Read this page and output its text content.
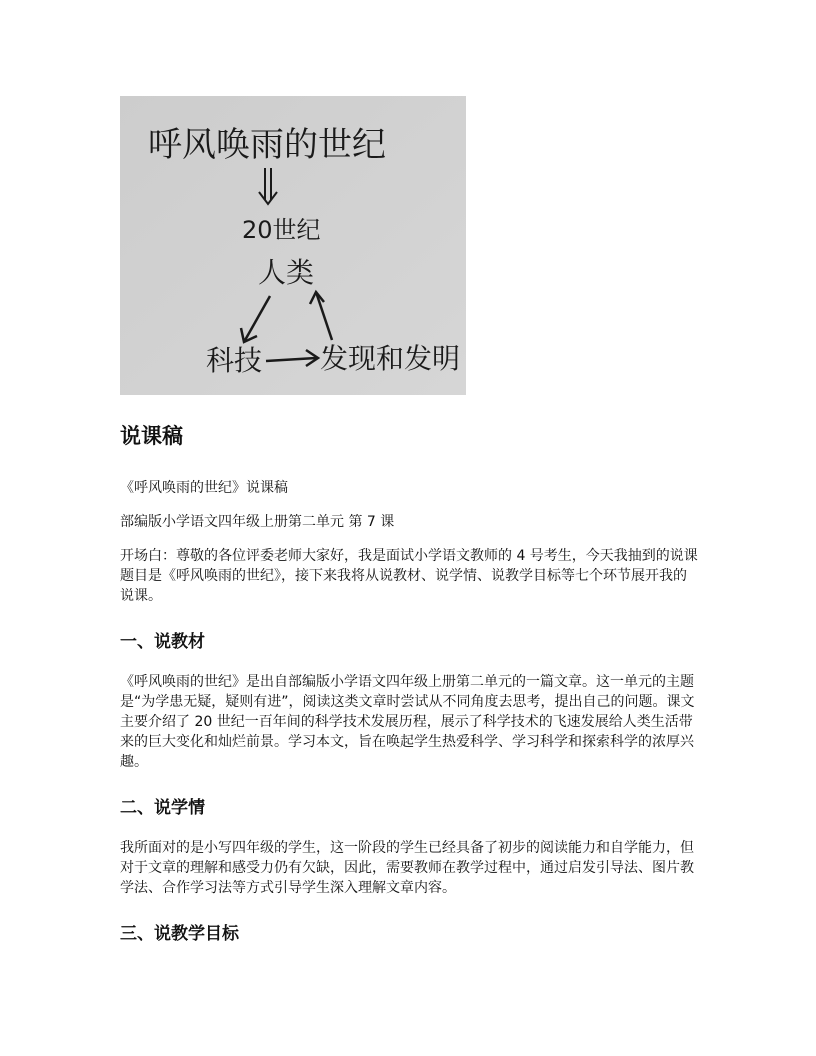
呼风唤雨的世纪
20世纪
人类
科技 发现和发明
说课稿

《呼风唤雨的世纪》说课稿

部编版小学语文四年级上册第二单元 第 7 课

开场白：尊敬的各位评委老师大家好，我是面试小学语文教师的 4 号考生，今天我抽到的说课题目是《呼风唤雨的世纪》，接下来我将从说教材、说学情、说教学目标等七个环节展开我的说课。

一、说教材

《呼风唤雨的世纪》是出自部编版小学语文四年级上册第二单元的一篇文章。这一单元的主题是“为学患无疑，疑则有进”，阅读这类文章时尝试从不同角度去思考，提出自己的问题。课文主要介绍了 20 世纪一百年间的科学技术发展历程，展示了科学技术的飞速发展给人类生活带来的巨大变化和灿烂前景。学习本文，旨在唤起学生热爱科学、学习科学和探索科学的浓厚兴趣。

二、说学情

我所面对的是小写四年级的学生，这一阶段的学生已经具备了初步的阅读能力和自学能力，但对于文章的理解和感受力仍有欠缺，因此，需要教师在教学过程中，通过启发引导法、图片教学法、合作学习法等方式引导学生深入理解文章内容。

三、说教学目标
